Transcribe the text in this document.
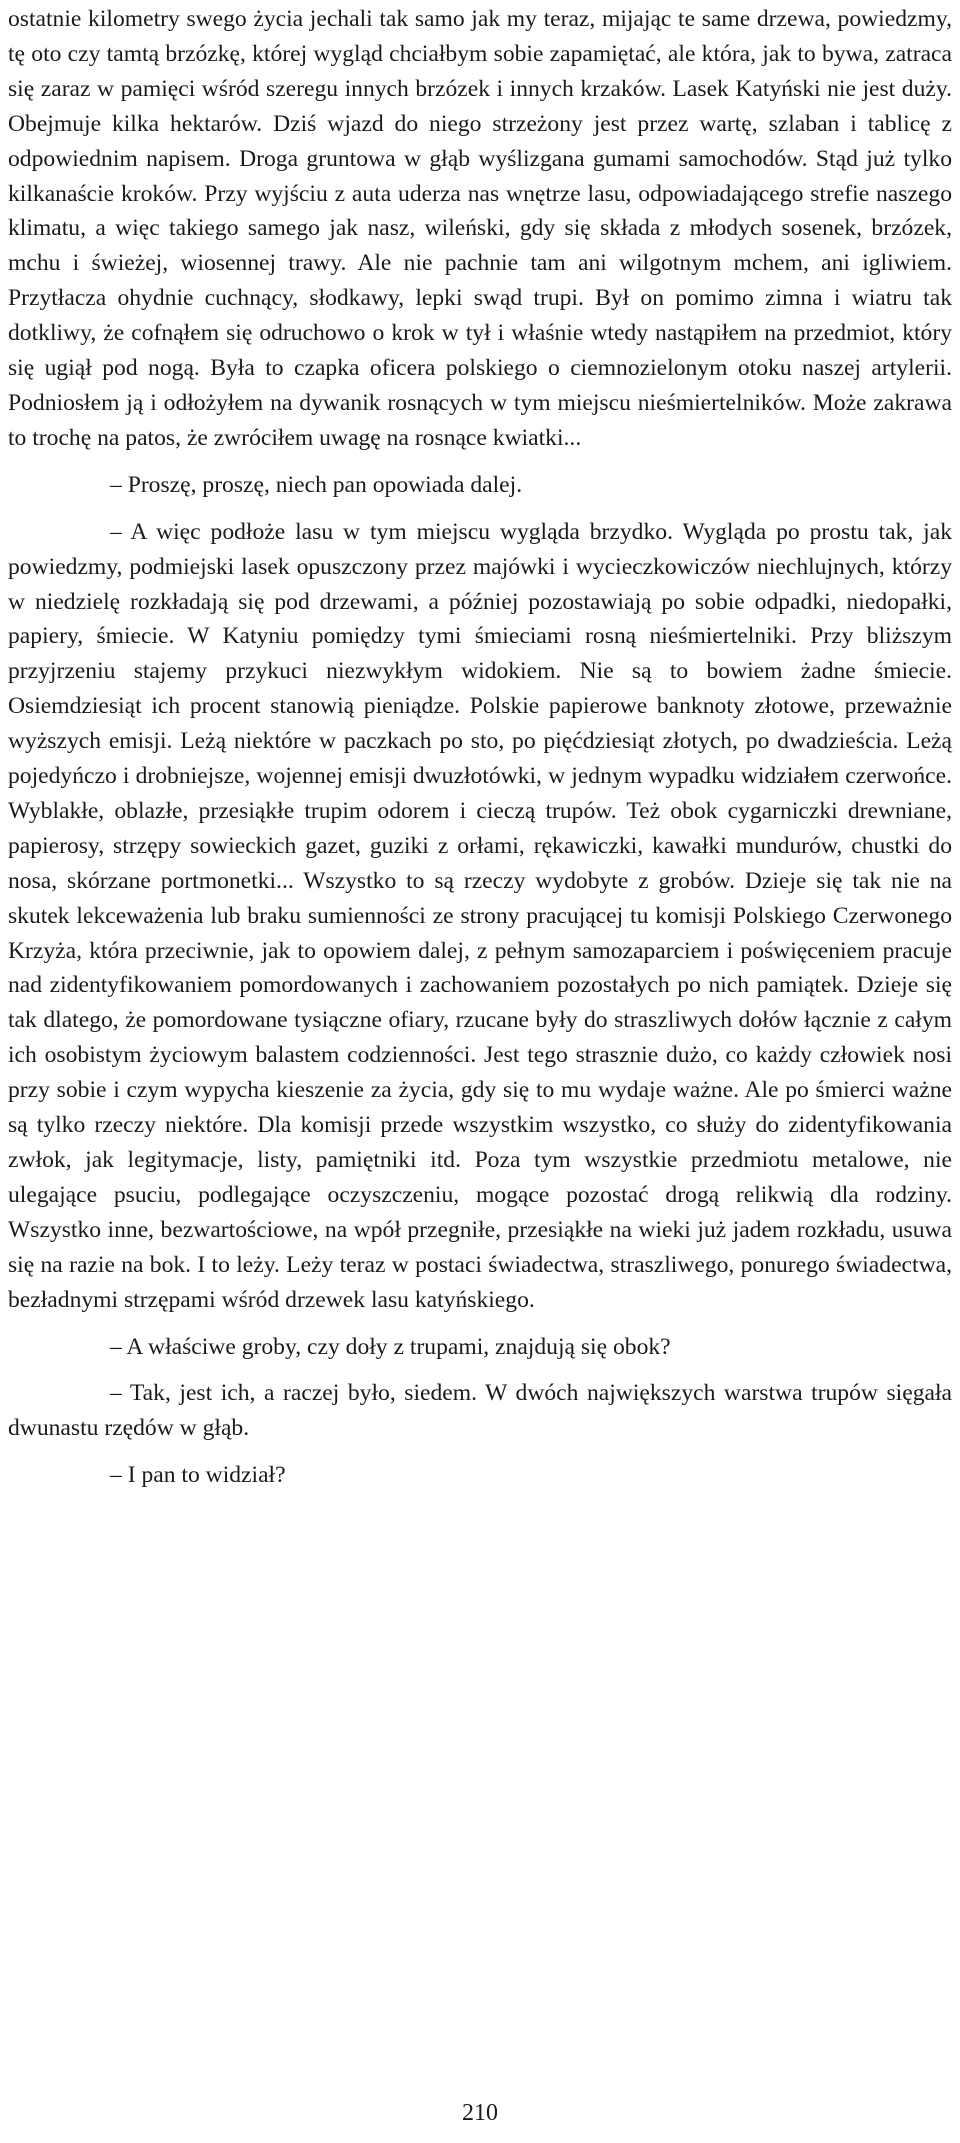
ostatnie kilometry swego życia jechali tak samo jak my teraz, mijając te same drzewa, powiedzmy, tę oto czy tamtą brzózkę, której wygląd chciałbym sobie zapamiętać, ale która, jak to bywa, zatraca się zaraz w pamięci wśród szeregu innych brzózek i innych krzaków. Lasek Katyński nie jest duży. Obejmuje kilka hektarów. Dziś wjazd do niego strzeżony jest przez wartę, szlaban i tablicę z odpowiednim napisem. Droga gruntowa w głąb wyślizgana gumami samochodów. Stąd już tylko kilkanaście kroków. Przy wyjściu z auta uderza nas wnętrze lasu, odpowiadającego strefie naszego klimatu, a więc takiego samego jak nasz, wileński, gdy się składa z młodych sosenek, brzózek, mchu i świeżej, wiosennej trawy. Ale nie pachnie tam ani wilgotnym mchem, ani igliwiem. Przytłacza ohydnie cuchnący, słodkawy, lepki swąd trupi. Był on pomimo zimna i wiatru tak dotkliwy, że cofnąłem się odruchowo o krok w tył i właśnie wtedy nastąpiłem na przedmiot, który się ugiął pod nogą. Była to czapka oficera polskiego o ciemnozielonym otoku naszej artylerii. Podniosłem ją i odłożyłem na dywanik rosnących w tym miejscu nieśmiertelników. Może zakrawa to trochę na patos, że zwróciłem uwagę na rosnące kwiatki...

– Proszę, proszę, niech pan opowiada dalej.

– A więc podłoże lasu w tym miejscu wygląda brzydko. Wygląda po prostu tak, jak powiedzmy, podmiejski lasek opuszczony przez majówki i wycieczkowiczów niechlujnych, którzy w niedzielę rozkładają się pod drzewami, a później pozostawiają po sobie odpadki, niedopałki, papiery, śmiecie. W Katyniu pomiędzy tymi śmieciami rosną nieśmiertelniki. Przy bliższym przyjrzeniu stajemy przykuci niezwykłym widokiem. Nie są to bowiem żadne śmiecie. Osiemdziesiąt ich procent stanowią pieniądze. Polskie papierowe banknoty złotowe, przeważnie wyższych emisji. Leżą niektóre w paczkach po sto, po pięćdziesiąt złotych, po dwadzieścia. Leżą pojedyńczo i drobniejsze, wojennej emisji dwuzłotówki, w jednym wypadku widziałem czerwońce. Wyblakłe, oblazłe, przesiąkłe trupim odorem i cieczą trupów. Też obok cygarniczki drewniane, papierosy, strzępy sowieckich gazet, guziki z orłami, rękawiczki, kawałki mundurów, chustki do nosa, skórzane portmonetki... Wszystko to są rzeczy wydobyte z grobów. Dzieje się tak nie na skutek lekceważenia lub braku sumienności ze strony pracującej tu komisji Polskiego Czerwonego Krzyża, która przeciwnie, jak to opowiem dalej, z pełnym samozaparciem i poświęceniem pracuje nad zidentyfikowaniem pomordowanych i zachowaniem pozostałych po nich pamiątek. Dzieje się tak dlatego, że pomordowane tysiączne ofiary, rzucane były do straszliwych dołów łącznie z całym ich osobistym życiowym balastem codzienności. Jest tego strasznie dużo, co każdy człowiek nosi przy sobie i czym wypycha kieszenie za życia, gdy się to mu wydaje ważne. Ale po śmierci ważne są tylko rzeczy niektóre. Dla komisji przede wszystkim wszystko, co służy do zidentyfikowania zwłok, jak legitymacje, listy, pamiętniki itd. Poza tym wszystkie przedmiotu metalowe, nie ulegające psuciu, podlegające oczyszczeniu, mogące pozostać drogą relikwią dla rodziny. Wszystko inne, bezwartościowe, na wpół przegniłe, przesiąkłe na wieki już jadem rozkładu, usuwa się na razie na bok. I to leży. Leży teraz w postaci świadectwa, straszliwego, ponurego świadectwa, bezładnymi strzępami wśród drzewek lasu katyńskiego.

– A właściwe groby, czy doły z trupami, znajdują się obok?

– Tak, jest ich, a raczej było, siedem. W dwóch największych warstwa trupów sięgała dwunastu rzędów w głąb.

– I pan to widział?

210
